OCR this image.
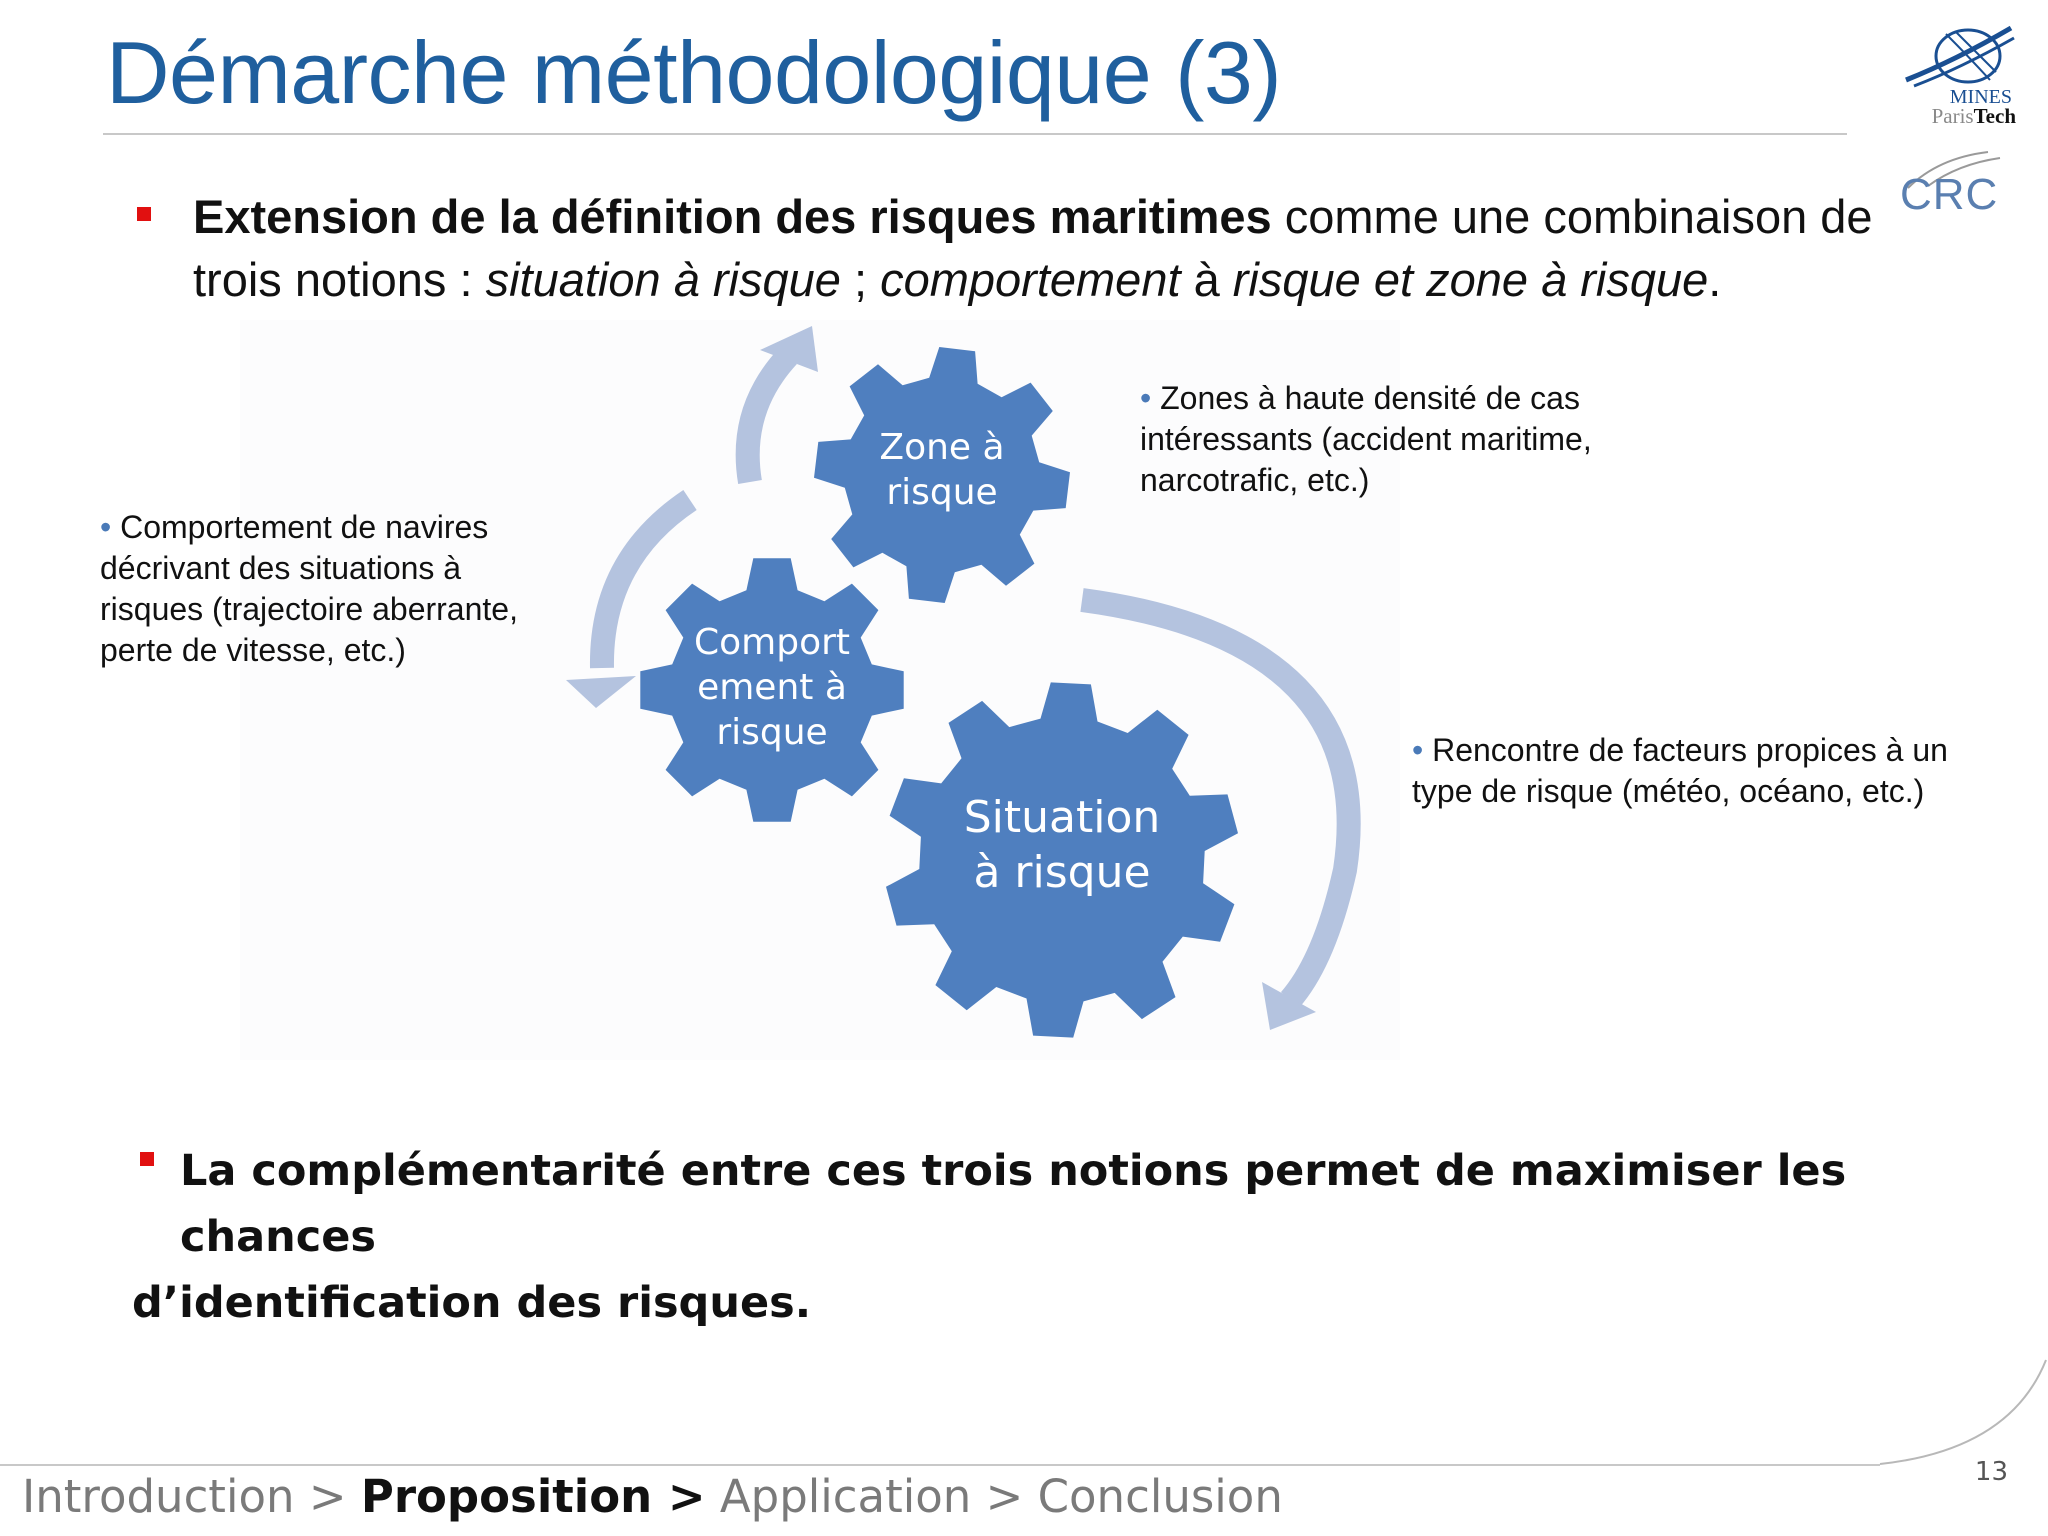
Démarche méthodologique (3)	MINES
ParisTech
CRC
Extension de la définition des risques maritimes comme une combinaison de trois notions : situation à risque ; comportement à risque et zone à risque.
Zone à
risque
Comport
ement à
risque
Situation
à risque
• Zones à haute densité de cas
intéressants (accident maritime,
narcotrafic, etc.)
• Comportement de navires
décrivant des situations à
risques (trajectoire aberrante,
perte de vitesse, etc.)
• Rencontre de facteurs propices à un
type de risque (météo, océano, etc.)
La complémentarité entre ces trois notions permet de maximiser les chances
d’identification des risques.
13
Introduction > Proposition > Application > Conclusion
